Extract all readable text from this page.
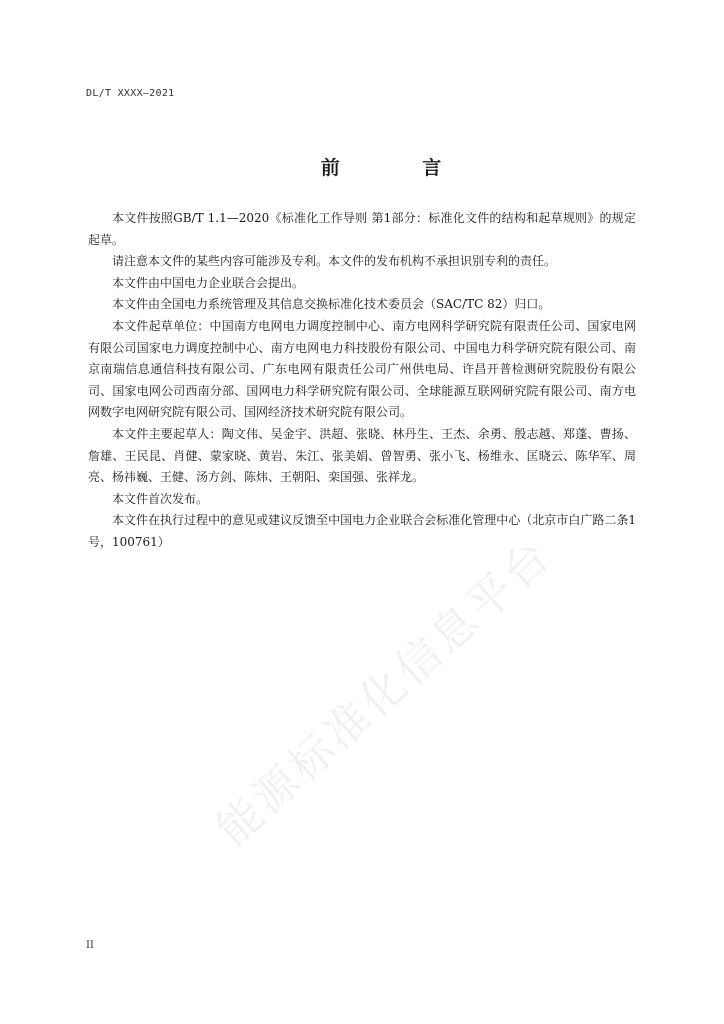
DL/T XXXX—2021
前 言

本文件按照GB/T 1.1—2020《标准化工作导则 第1部分：标准化文件的结构和起草规则》的规定起草。

请注意本文件的某些内容可能涉及专利。本文件的发布机构不承担识别专利的责任。

本文件由中国电力企业联合会提出。

本文件由全国电力系统管理及其信息交换标准化技术委员会（SAC/TC 82）归口。

本文件起草单位：中国南方电网电力调度控制中心、南方电网科学研究院有限责任公司、国家电网有限公司国家电力调度控制中心、南方电网电力科技股份有限公司、中国电力科学研究院有限公司、南京南瑞信息通信科技有限公司、广东电网有限责任公司广州供电局、许昌开普检测研究院股份有限公司、国家电网公司西南分部、国网电力科学研究院有限公司、全球能源互联网研究院有限公司、南方电网数字电网研究院有限公司、国网经济技术研究院有限公司。

本文件主要起草人：陶文伟、吴金宇、洪超、张晓、林丹生、王杰、余勇、殷志越、郑蓬、曹扬、詹雄、王民昆、肖健、蒙家晓、黄岩、朱江、张美娟、曾智勇、张小飞、杨维永、匡晓云、陈华军、周亮、杨祎巍、王健、汤方剑、陈炜、王朝阳、栾国强、张祥龙。

本文件首次发布。

本文件在执行过程中的意见或建议反馈至中国电力企业联合会标准化管理中心（北京市白广路二条1号，100761） 能源标准化信息平台
II
